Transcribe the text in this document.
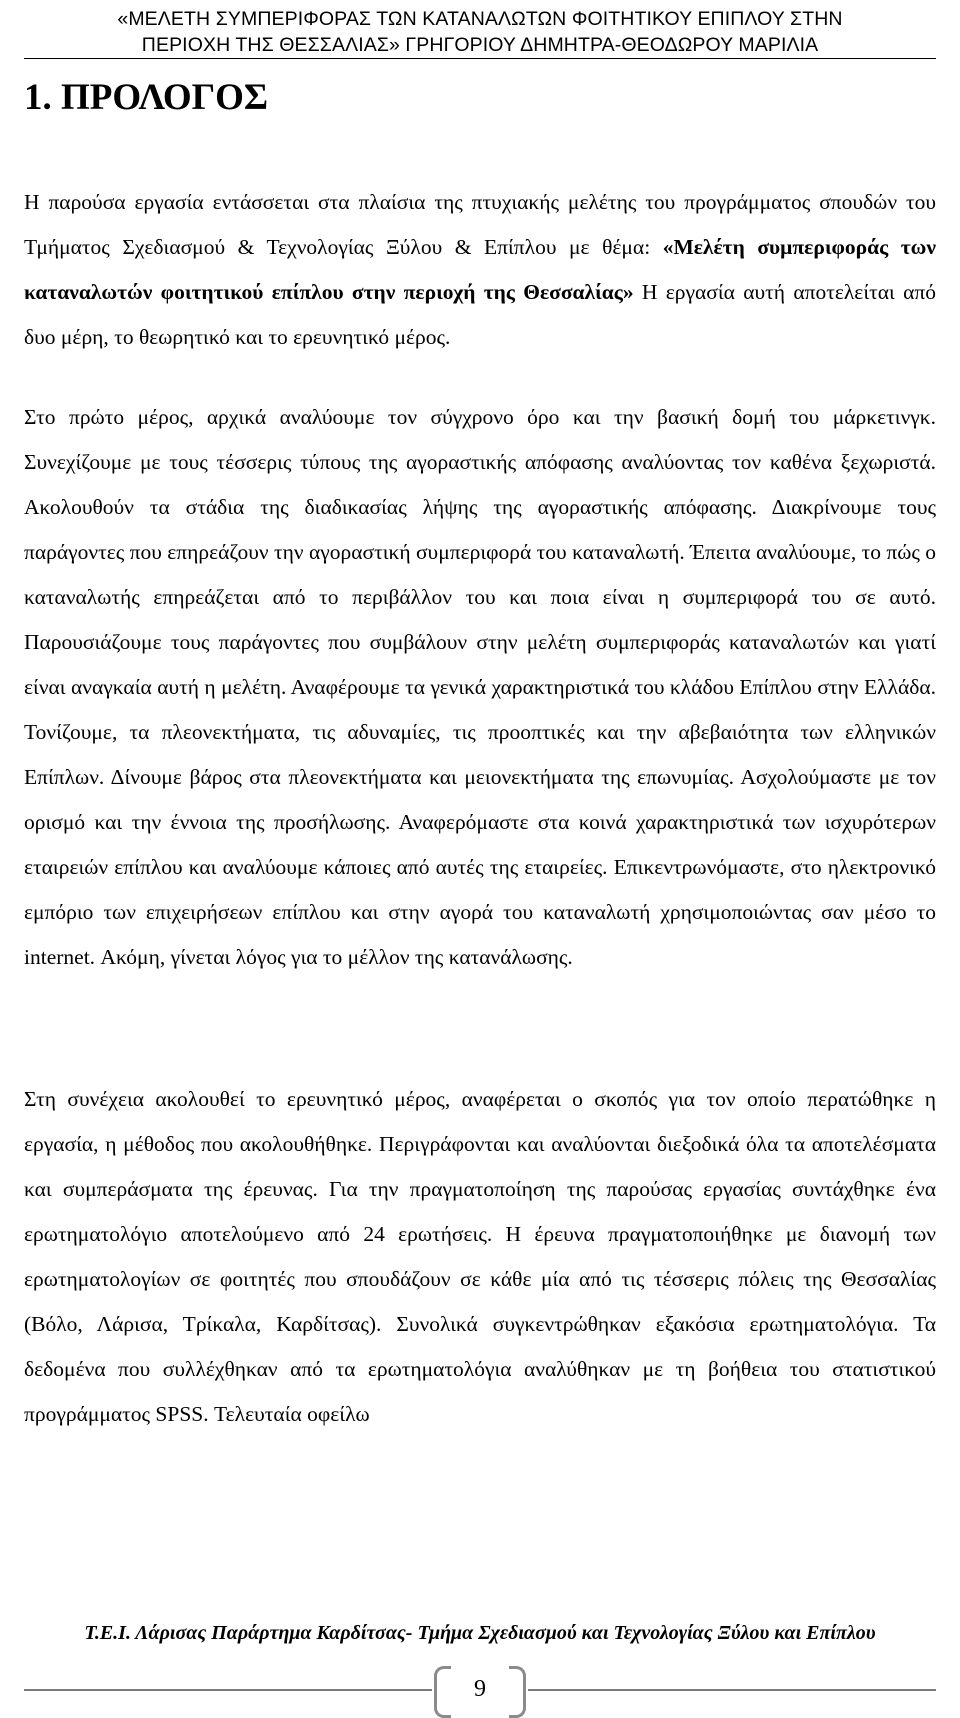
«ΜΕΛΕΤΗ ΣΥΜΠΕΡΙΦΟΡΑΣ ΤΩΝ ΚΑΤΑΝΑΛΩΤΩΝ ΦΟΙΤΗΤΙΚΟΥ ΕΠΙΠΛΟΥ ΣΤΗΝ
ΠΕΡΙΟΧΗ ΤΗΣ ΘΕΣΣΑΛΙΑΣ» ΓΡΗΓΟΡΙΟΥ ΔΗΜΗΤΡΑ-ΘΕΟΔΩΡΟΥ ΜΑΡΙΛΙΑ
1. ΠΡΟΛΟΓΟΣ

Η παρούσα εργασία εντάσσεται στα πλαίσια της πτυχιακής μελέτης του προγράμματος σπουδών του Τμήματος Σχεδιασμού & Τεχνολογίας Ξύλου & Επίπλου με θέμα: «Μελέτη συμπεριφοράς των καταναλωτών φοιτητικού επίπλου στην περιοχή της Θεσσαλίας» Η εργασία αυτή αποτελείται από δυο μέρη, το θεωρητικό και το ερευνητικό μέρος.

Στο πρώτο μέρος, αρχικά αναλύουμε τον σύγχρονο όρο και την βασική δομή του μάρκετινγκ. Συνεχίζουμε με τους τέσσερις τύπους της αγοραστικής απόφασης αναλύοντας τον καθένα ξεχωριστά. Ακολουθούν τα στάδια της διαδικασίας λήψης της αγοραστικής απόφασης. Διακρίνουμε τους παράγοντες που επηρεάζουν την αγοραστική συμπεριφορά του καταναλωτή. Έπειτα αναλύουμε, το πώς ο καταναλωτής επηρεάζεται από το περιβάλλον του και ποια είναι η συμπεριφορά του σε αυτό. Παρουσιάζουμε τους παράγοντες που συμβάλουν στην μελέτη συμπεριφοράς καταναλωτών και γιατί είναι αναγκαία αυτή η μελέτη. Αναφέρουμε τα γενικά χαρακτηριστικά του κλάδου Επίπλου στην Ελλάδα. Τονίζουμε, τα πλεονεκτήματα, τις αδυναμίες, τις προοπτικές και την αβεβαιότητα των ελληνικών Επίπλων. Δίνουμε βάρος στα πλεονεκτήματα και μειονεκτήματα της επωνυμίας. Ασχολούμαστε με τον ορισμό και την έννοια της προσήλωσης. Αναφερόμαστε στα κοινά χαρακτηριστικά των ισχυρότερων εταιρειών επίπλου και αναλύουμε κάποιες από αυτές της εταιρείες. Επικεντρωνόμαστε, στο ηλεκτρονικό εμπόριο των επιχειρήσεων επίπλου και στην αγορά του καταναλωτή χρησιμοποιώντας σαν μέσο το internet. Ακόμη, γίνεται λόγος για το μέλλον της κατανάλωσης.

Στη συνέχεια ακολουθεί το ερευνητικό μέρος, αναφέρεται ο σκοπός για τον οποίο περατώθηκε η εργασία, η μέθοδος που ακολουθήθηκε. Περιγράφονται και αναλύονται διεξοδικά όλα τα αποτελέσματα και συμπεράσματα της έρευνας. Για την πραγματοποίηση της παρούσας εργασίας συντάχθηκε ένα ερωτηματολόγιο αποτελούμενο από 24 ερωτήσεις. Η έρευνα πραγματοποιήθηκε με διανομή των ερωτηματολογίων σε φοιτητές που σπουδάζουν σε κάθε μία από τις τέσσερις πόλεις της Θεσσαλίας (Βόλο, Λάρισα, Τρίκαλα, Καρδίτσας). Συνολικά συγκεντρώθηκαν εξακόσια ερωτηματολόγια. Τα δεδομένα που συλλέχθηκαν από τα ερωτηματολόγια αναλύθηκαν με τη βοήθεια του στατιστικού προγράμματος SPSS. Τελευταία οφείλω

Τ.Ε.Ι. Λάρισας Παράρτημα Καρδίτσας- Τμήμα Σχεδιασμού και Τεχνολογίας Ξύλου και Επίπλου
9
